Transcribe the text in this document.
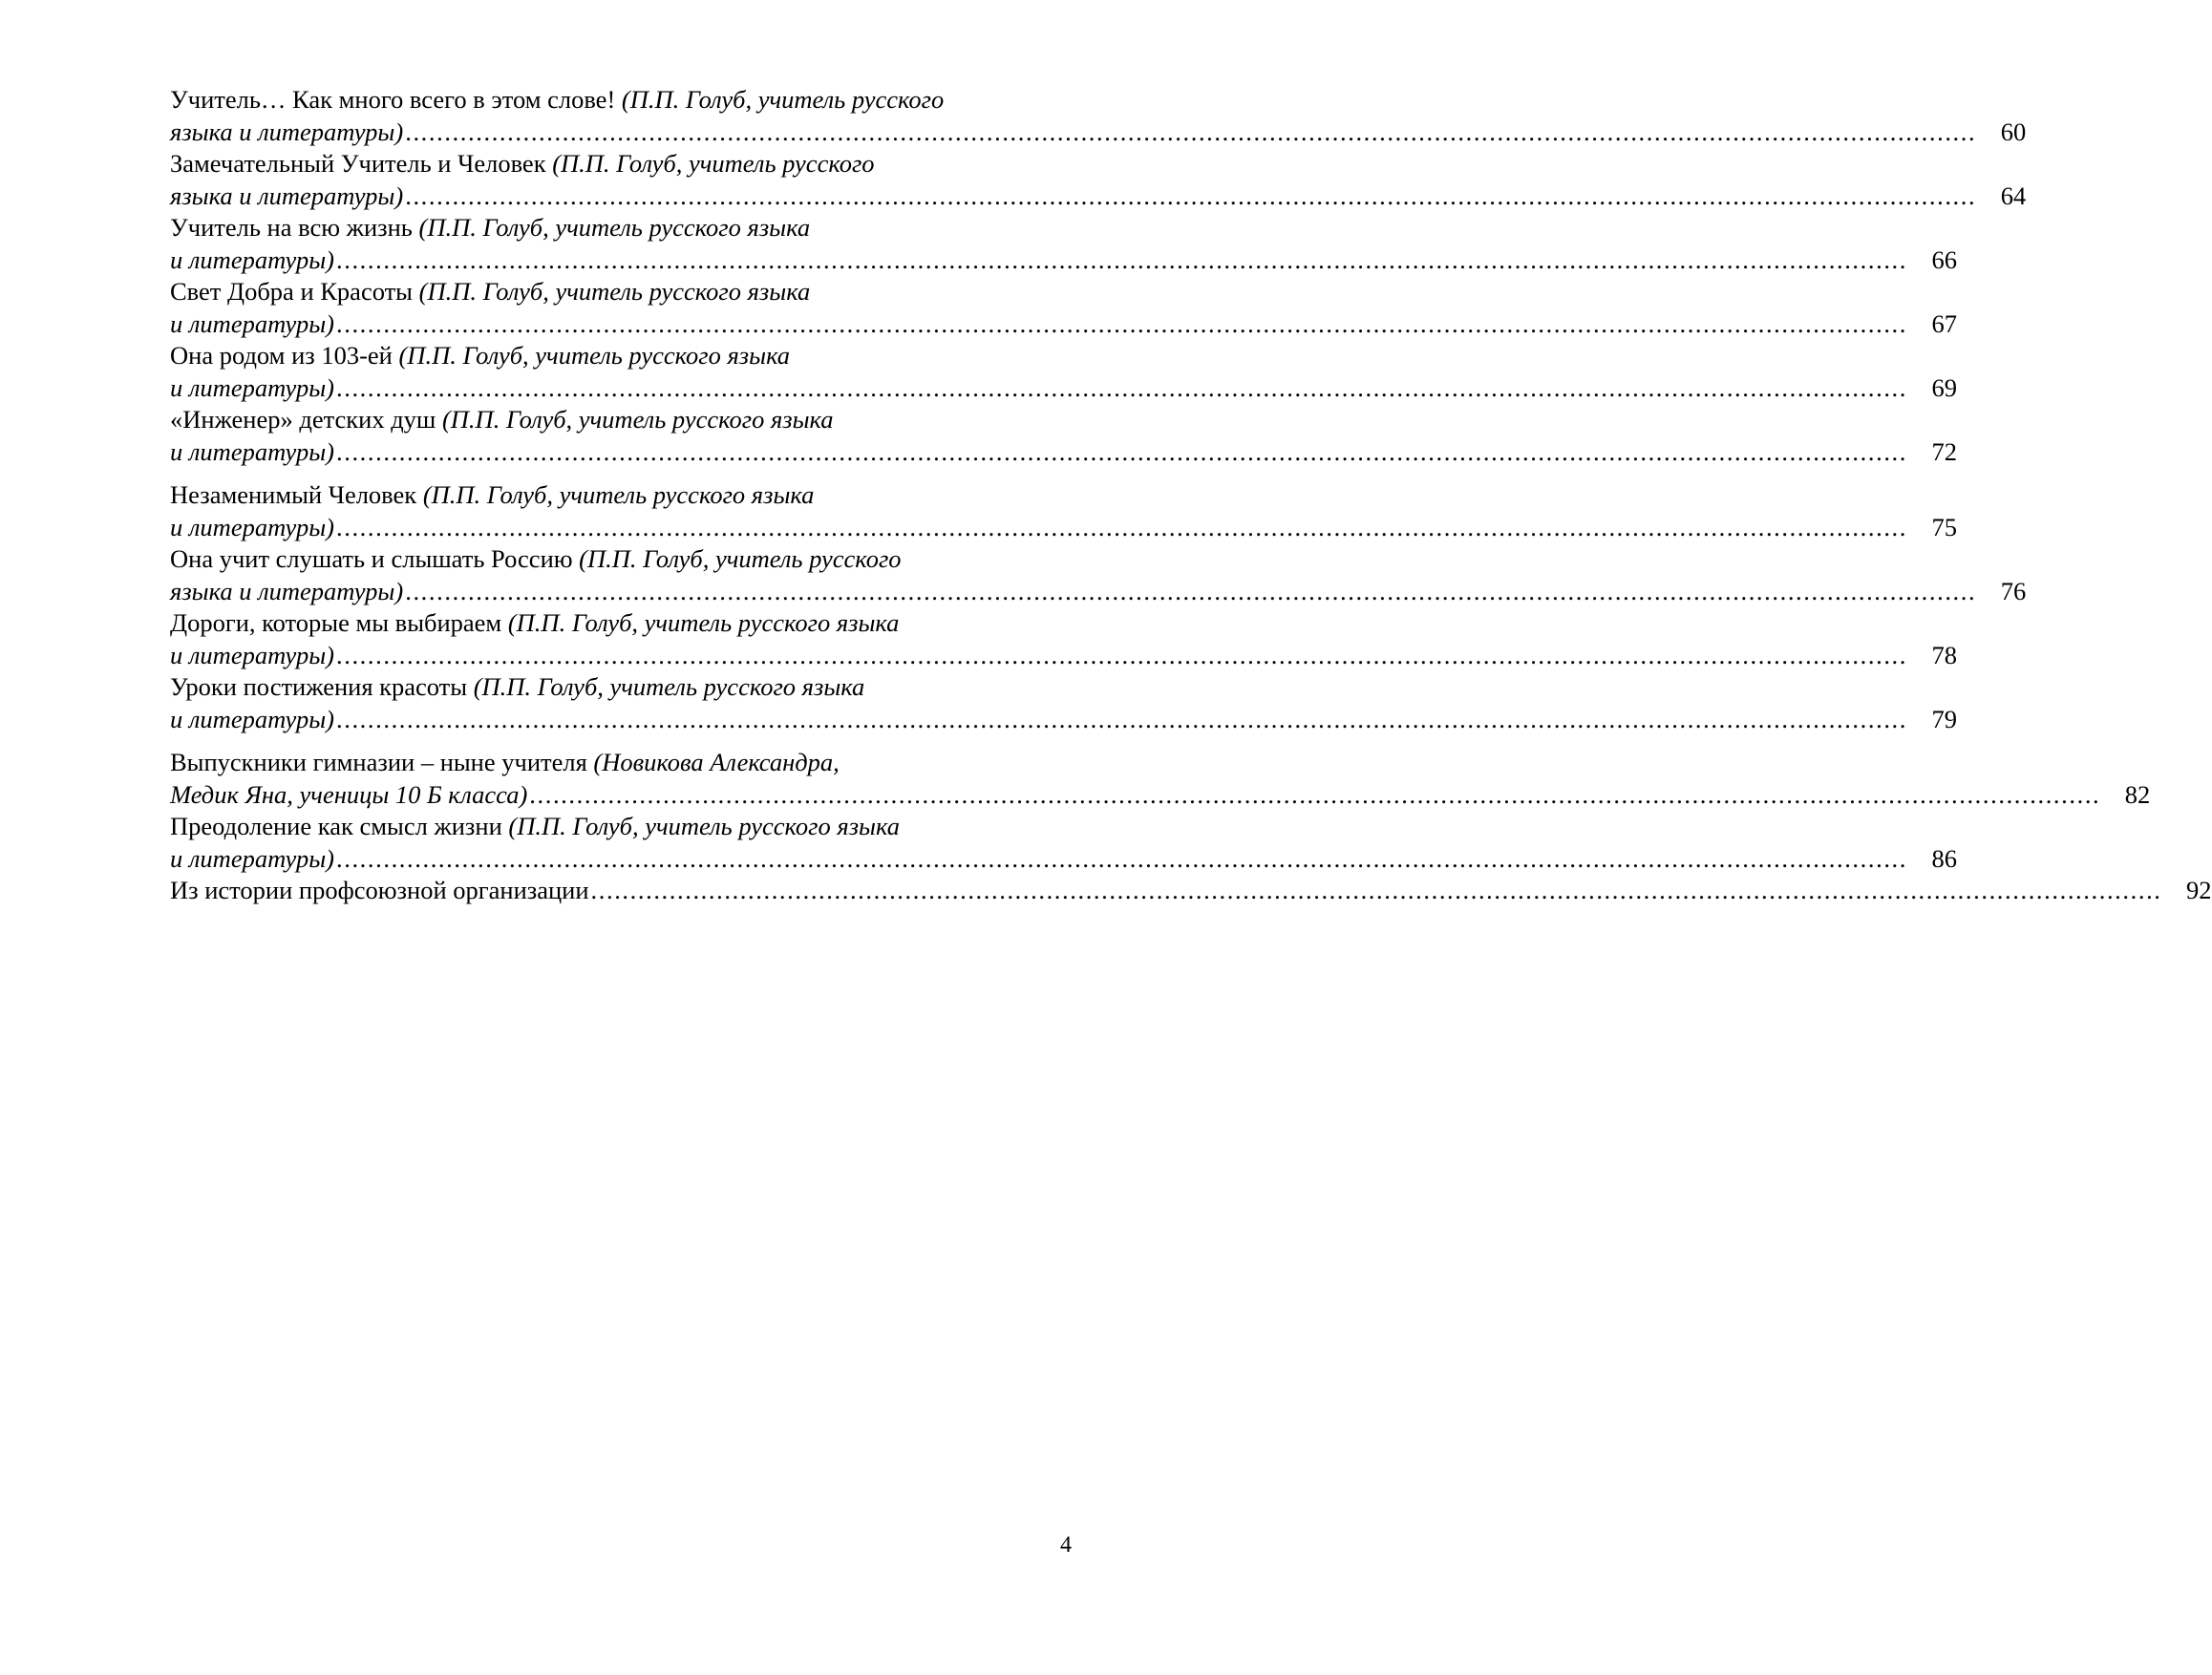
Учитель… Как много всего в этом слове! (П.П. Голуб, учитель русского
языка и литературы) ........................................................................................................................................................................................................ 60
Замечательный Учитель и Человек (П.П. Голуб, учитель русского
языка и литературы) ........................................................................................................................................................................................................ 64
Учитель на всю жизнь (П.П. Голуб, учитель русского языка
и литературы) ........................................................................................................................................................................................................ 66
Свет Добра и Красоты (П.П. Голуб, учитель русского языка
и литературы) ........................................................................................................................................................................................................ 67
Она родом из 103-ей (П.П. Голуб, учитель русского языка
и литературы) ........................................................................................................................................................................................................ 69
«Инженер» детских душ (П.П. Голуб, учитель русского языка
и литературы) ........................................................................................................................................................................................................ 72
Незаменимый Человек (П.П. Голуб, учитель русского языка
и литературы) ........................................................................................................................................................................................................ 75
Она учит слушать и слышать Россию (П.П. Голуб, учитель русского
языка и литературы) ........................................................................................................................................................................................................ 76
Дороги, которые мы выбираем (П.П. Голуб, учитель русского языка
и литературы) ........................................................................................................................................................................................................ 78
Уроки постижения красоты (П.П. Голуб, учитель русского языка
и литературы) ........................................................................................................................................................................................................ 79
Выпускники гимназии – ныне учителя (Новикова Александра,
Медик Яна, ученицы 10 Б класса) ........................................................................................................................................................................................................ 82
Преодоление как смысл жизни (П.П. Голуб, учитель русского языка
и литературы) ........................................................................................................................................................................................................ 86
Из истории профсоюзной организации ........................................................................................................................................................................................................ 92
4
